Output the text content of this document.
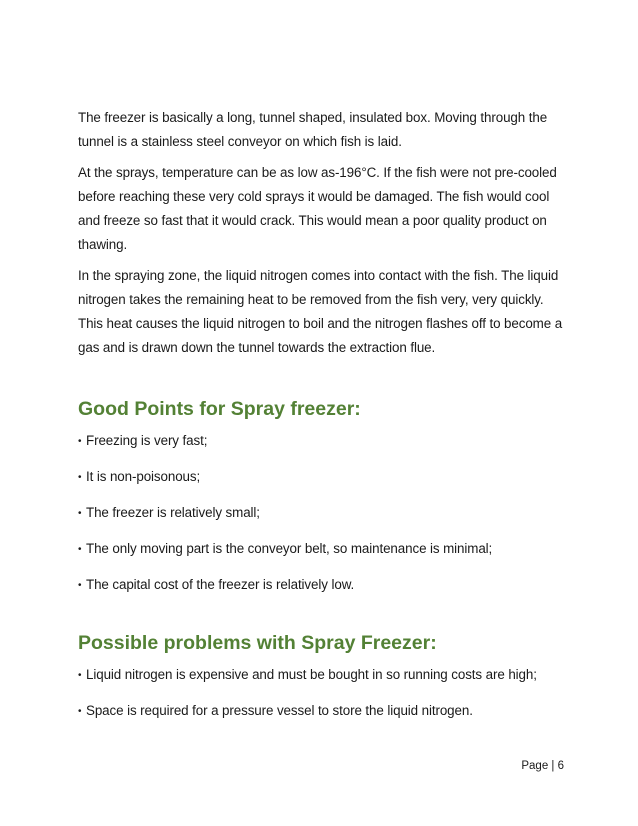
The freezer is basically a long, tunnel shaped, insulated box. Moving through the tunnel is a stainless steel conveyor on which fish is laid.

At the sprays, temperature can be as low as-196°C. If the fish were not pre-cooled before reaching these very cold sprays it would be damaged. The fish would cool and freeze so fast that it would crack. This would mean a poor quality product on thawing.

In the spraying zone, the liquid nitrogen comes into contact with the fish. The liquid nitrogen takes the remaining heat to be removed from the fish very, very quickly. This heat causes the liquid nitrogen to boil and the nitrogen flashes off to become a gas and is drawn down the tunnel towards the extraction flue.

Good Points for Spray freezer:
• Freezing is very fast;
• It is non-poisonous;
• The freezer is relatively small;
• The only moving part is the conveyor belt, so maintenance is minimal;
• The capital cost of the freezer is relatively low.
Possible problems with Spray Freezer:
• Liquid nitrogen is expensive and must be bought in so running costs are high;
• Space is required for a pressure vessel to store the liquid nitrogen.
Page | 6
